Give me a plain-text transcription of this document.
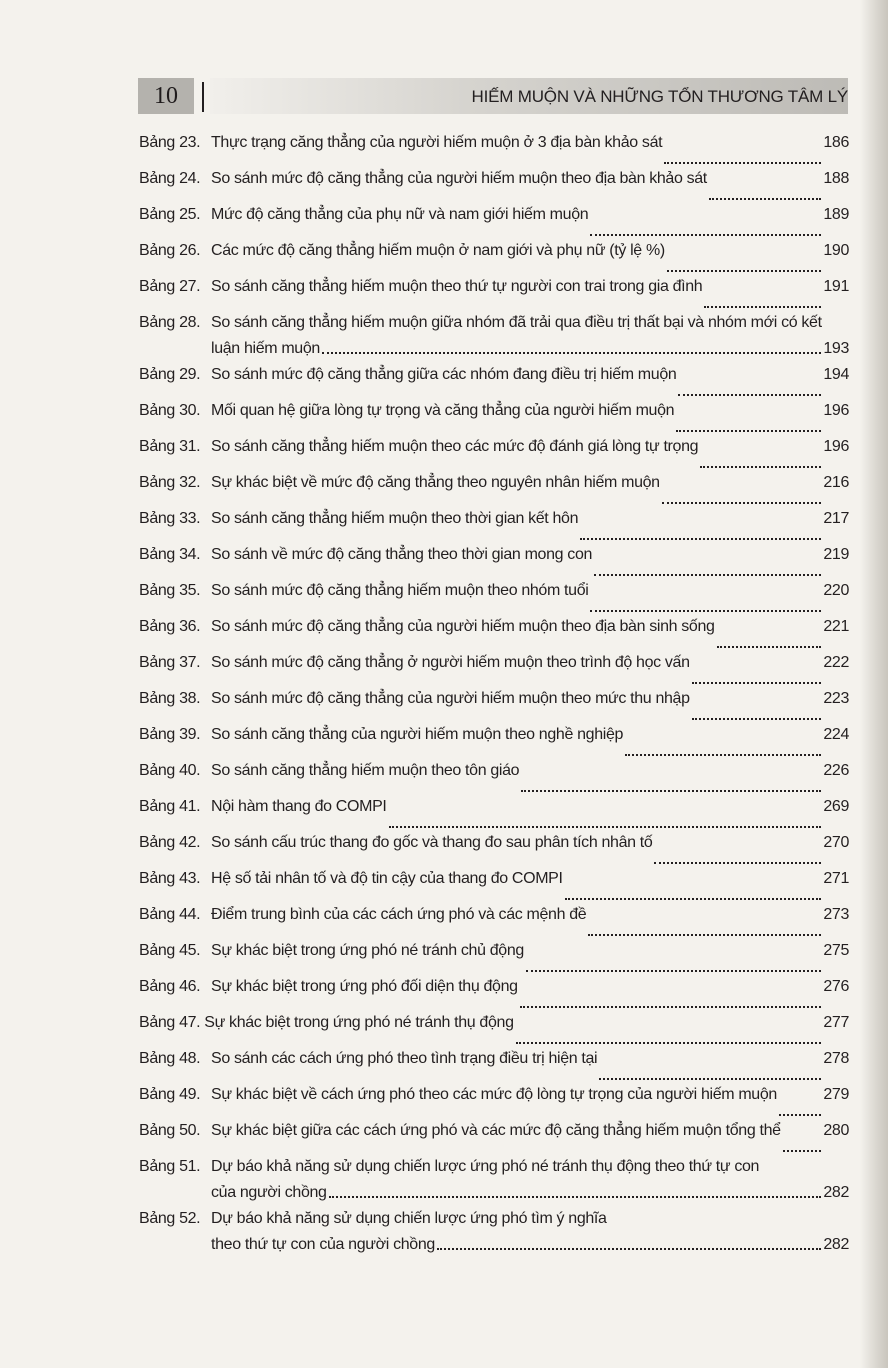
10	HIẾM MUỘN VÀ NHỮNG TỔN THƯƠNG TÂM LÝ
Bảng 23. Thực trạng căng thẳng của người hiếm muộn ở 3 địa bàn khảo sát	186
Bảng 24. So sánh mức độ căng thẳng của người hiếm muộn theo địa bàn khảo sát	188
Bảng 25. Mức độ căng thẳng của phụ nữ và nam giới hiếm muộn	189
Bảng 26. Các mức độ căng thẳng hiếm muộn ở nam giới và phụ nữ (tỷ lệ %)	190
Bảng 27. So sánh căng thẳng hiếm muộn theo thứ tự người con trai trong gia đình	191
Bảng 28. So sánh căng thẳng hiếm muộn giữa nhóm đã trải qua điều trị thất bại và nhóm mới có kết
luận hiếm muộn	193
Bảng 29. So sánh mức độ căng thẳng giữa các nhóm đang điều trị hiếm muộn	194
Bảng 30. Mối quan hệ giữa lòng tự trọng và căng thẳng của người hiếm muộn	196
Bảng 31. So sánh căng thẳng hiếm muộn theo các mức độ đánh giá lòng tự trọng	196
Bảng 32. Sự khác biệt về mức độ căng thẳng theo nguyên nhân hiếm muộn	216
Bảng 33. So sánh căng thẳng hiếm muộn theo thời gian kết hôn	217
Bảng 34. So sánh về mức độ căng thẳng theo thời gian mong con	219
Bảng 35. So sánh mức độ căng thẳng hiếm muộn theo nhóm tuổi	220
Bảng 36. So sánh mức độ căng thẳng của người hiếm muộn theo địa bàn sinh sống	221
Bảng 37. So sánh mức độ căng thẳng ở người hiếm muộn theo trình độ học vấn	222
Bảng 38. So sánh mức độ căng thẳng của người hiếm muộn theo mức thu nhập	223
Bảng 39. So sánh căng thẳng của người hiếm muộn theo nghề nghiệp	224
Bảng 40. So sánh căng thẳng hiếm muộn theo tôn giáo	226
Bảng 41. Nội hàm thang đo COMPI	269
Bảng 42. So sánh cấu trúc thang đo gốc và thang đo sau phân tích nhân tố	270
Bảng 43. Hệ số tải nhân tố và độ tin cậy của thang đo COMPI	271
Bảng 44. Điểm trung bình của các cách ứng phó và các mệnh đề	273
Bảng 45. Sự khác biệt trong ứng phó né tránh chủ động	275
Bảng 46. Sự khác biệt trong ứng phó đối diện thụ động	276
Bảng 47. Sự khác biệt trong ứng phó né tránh thụ động	277
Bảng 48. So sánh các cách ứng phó theo tình trạng điều trị hiện tại	278
Bảng 49. Sự khác biệt về cách ứng phó theo các mức độ lòng tự trọng của người hiếm muộn	279
Bảng 50. Sự khác biệt giữa các cách ứng phó và các mức độ căng thẳng hiếm muộn tổng thể	280
Bảng 51. Dự báo khả năng sử dụng chiến lược ứng phó né tránh thụ động theo thứ tự con
của người chồng	282
Bảng 52. Dự báo khả năng sử dụng chiến lược ứng phó tìm ý nghĩa
theo thứ tự con của người chồng	282
